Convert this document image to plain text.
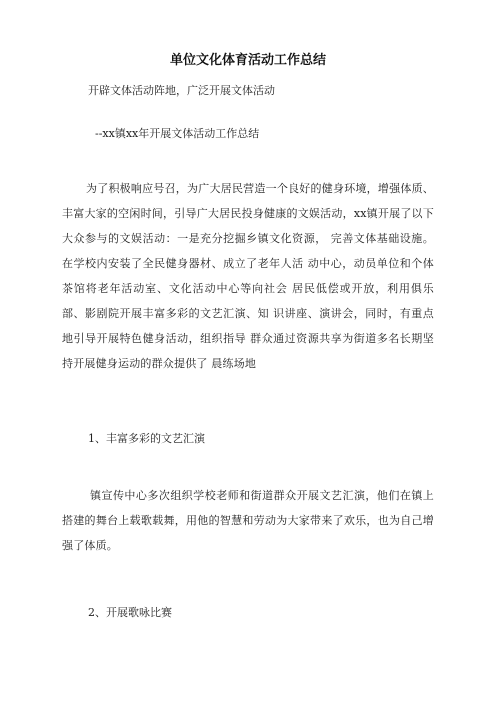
单位文化体育活动工作总结
开辟文体活动阵地，广泛开展文体活动
--xx镇xx年开展文体活动工作总结
为了积极响应号召，为广大居民营造一个良好的健身环境，增强体质、丰富大家的空闲时间，引导广大居民投身健康的文娱活动，xx镇开展了以下大众参与的文娱活动：一是充分挖掘乡镇文化资源， 完善文体基础设施。在学校内安装了全民健身器材、成立了老年人活 动中心，动员单位和个体茶馆将老年活动室、文化活动中心等向社会 居民低偿或开放，利用俱乐部、影剧院开展丰富多彩的文艺汇演、知 识讲座、演讲会，同时，有重点地引导开展特色健身活动，组织指导 群众通过资源共享为街道多名长期坚持开展健身运动的群众提供了 晨练场地
1、丰富多彩的文艺汇演
镇宣传中心多次组织学校老师和街道群众开展文艺汇演，他们在镇上搭建的舞台上载歌载舞，用他的智慧和劳动为大家带来了欢乐，也为自己增强了体质。
2、开展歌咏比赛
